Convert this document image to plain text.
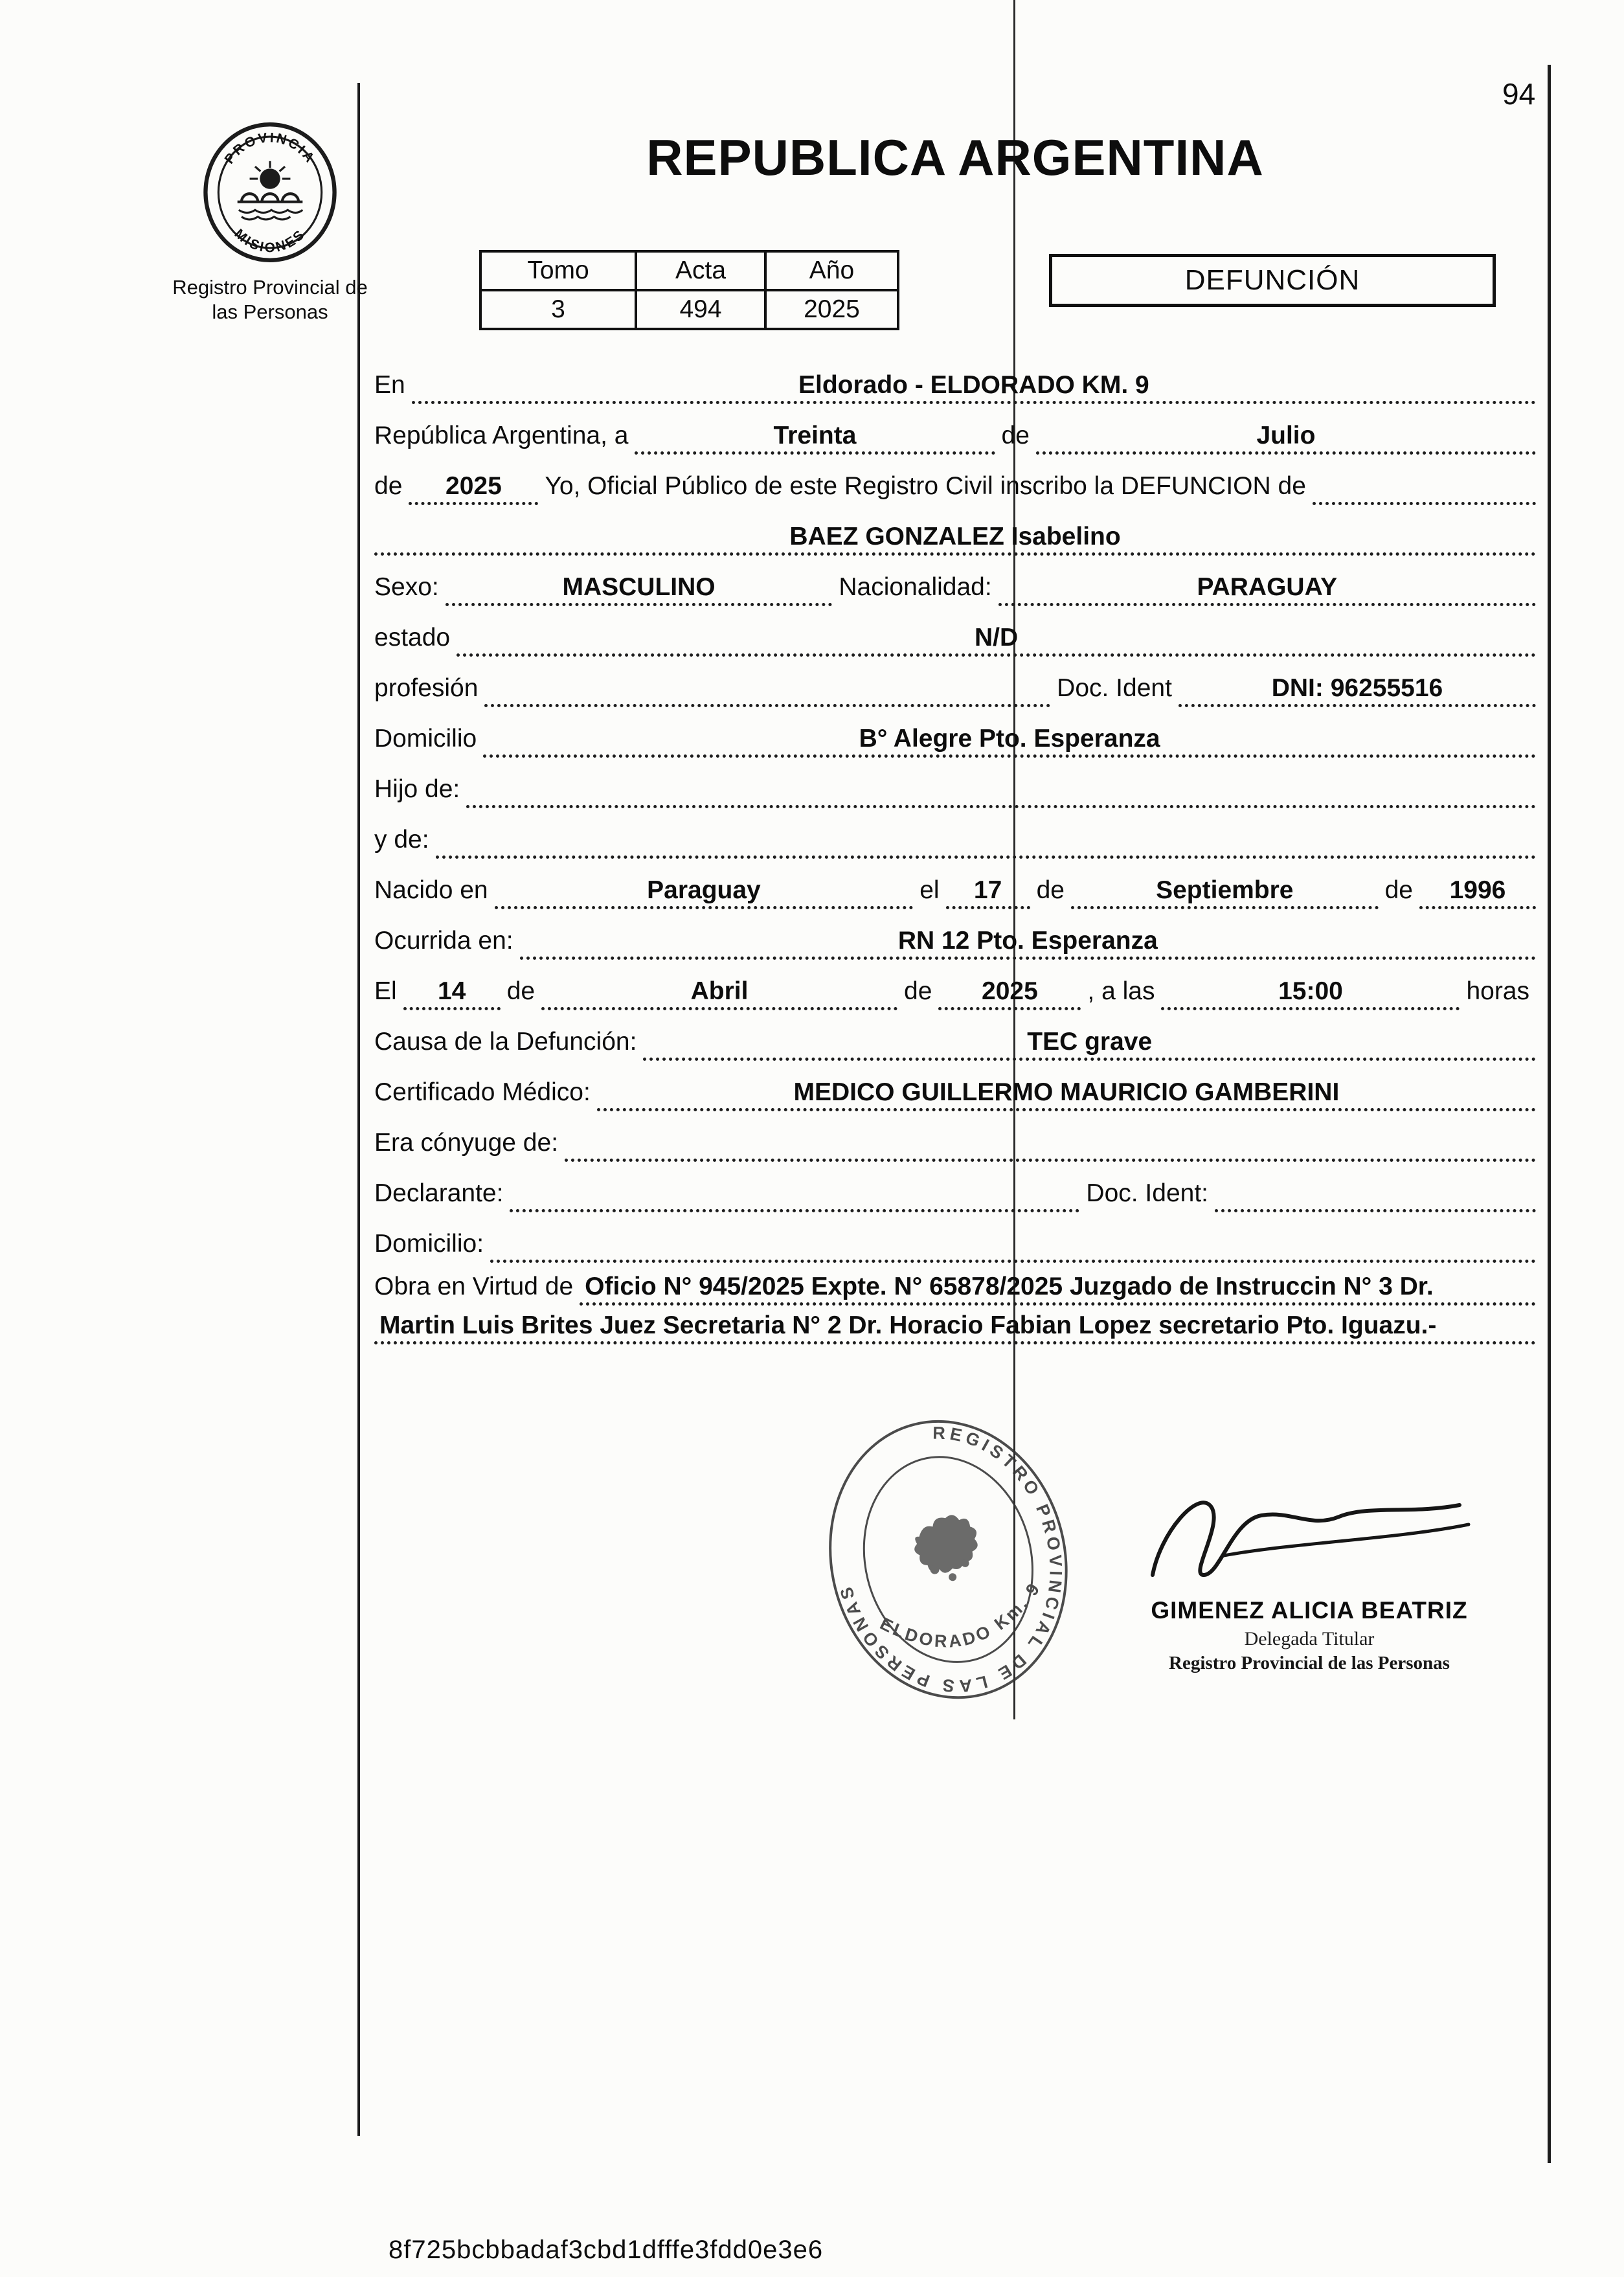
94
PROVINCIA
MISIONES
Registro Provincial de
las Personas
REPUBLICA ARGENTINA
Tomo	Acta	Año
3	494	2025
DEFUNCIÓN
En	Eldorado - ELDORADO KM. 9
República Argentina, a	Treinta	de	Julio
de	2025	Yo, Oficial Público de este Registro Civil inscribo la DEFUNCION de
BAEZ GONZALEZ Isabelino
Sexo:	MASCULINO	Nacionalidad:	PARAGUAY
estado	N/D
profesión	Doc. Ident	DNI: 96255516
Domicilio	B° Alegre Pto. Esperanza
Hijo de:
y de:
Nacido en	Paraguay	el	17	de	Septiembre	de	1996
Ocurrida en:	RN 12 Pto. Esperanza
El	14	de	Abril	de	2025	, a las	15:00	horas
Causa de la Defunción:	TEC grave
Certificado Médico:	MEDICO GUILLERMO MAURICIO GAMBERINI
Era cónyuge de:
Declarante:	Doc. Ident:
Domicilio:
Obra en Virtud de Oficio N° 945/2025 Expte. N° 65878/2025 Juzgado de Instruccin N° 3 Dr.
Martin Luis Brites Juez Secretaria N° 2 Dr. Horacio Fabian Lopez secretario Pto. Iguazu.-
REGISTRO PROVINCIAL DE LAS PERSONAS
ELDORADO Km. 9
GIMENEZ ALICIA BEATRIZ
Delegada Titular
Registro Provincial de las Personas
8f725bcbbadaf3cbd1dfffe3fdd0e3e6
